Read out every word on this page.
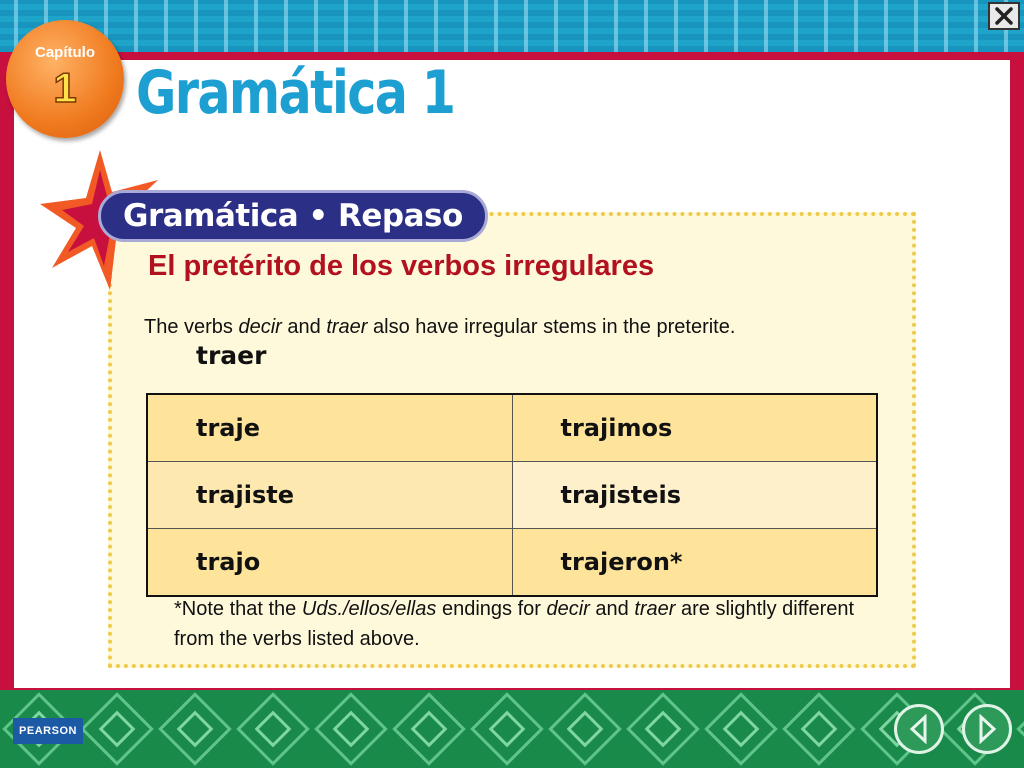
Capítulo
1 Gramática 1
Gramática • Repaso
El pretérito de los verbos irregulares
The verbs decir and traer also have irregular stems in the preterite.
traer
traje	trajimos
trajiste	trajisteis
trajo	trajeron*
*Note that the Uds./ellos/ellas endings for decir and traer are slightly different from the verbs listed above.
PEARSON
